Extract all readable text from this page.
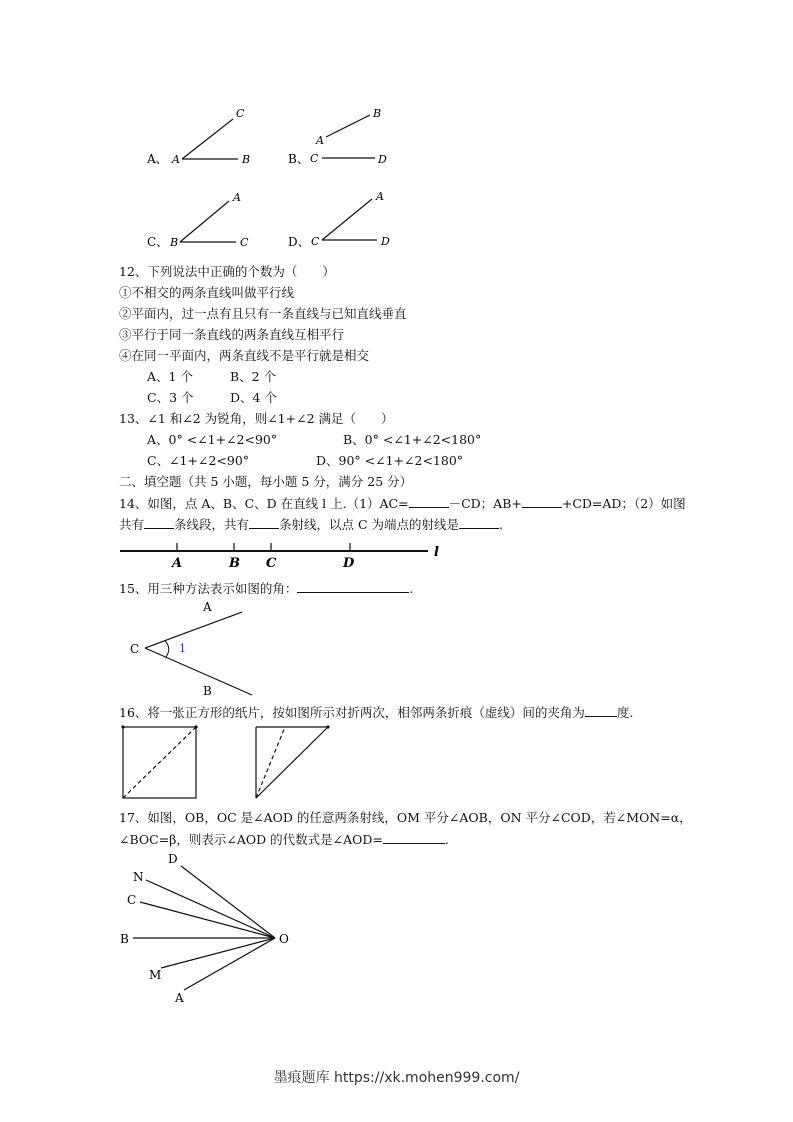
A、 A	B
C
B、
A
B
C	D
C、 B	C
A
D、 C	D
A
12、下列说法中正确的个数为（　　）
①不相交的两条直线叫做平行线
②平面内，过一点有且只有一条直线与已知直线垂直
③平行于同一条直线的两条直线互相平行
④在同一平面内，两条直线不是平行就是相交
A、1 个	B、2 个
C、3 个	D、4 个
13、∠1 和∠2 为锐角，则∠1+∠2 满足（　　）
A、0° <∠1+∠2<90°	B、0° <∠1+∠2<180°
C、∠1+∠2<90°	D、90° <∠1+∠2<180°
二、填空题（共 5 小题，每小题 5 分，满分 25 分）
14、如图，点 A、B、C、D 在直线 l 上.（1）AC=	－CD；AB+	+CD=AD；（2）如图
共有 条线段，共有 条射线，以点 C 为端点的射线是	.
A	B C	D
l
15、用三种方法表示如图的角：	.
A
C
B
1
16、将一张正方形的纸片，按如图所示对折两次，相邻两条折痕（虚线）间的夹角为	度.
17、如图，OB，OC 是∠AOD 的任意两条射线，OM 平分∠AOB，ON 平分∠COD，若∠MON=α，
∠BOC=β，则表示∠AOD 的代数式是∠AOD=	.
D
N
C
B
M
A
O
墨痕题库 https://xk.mohen999.com/
